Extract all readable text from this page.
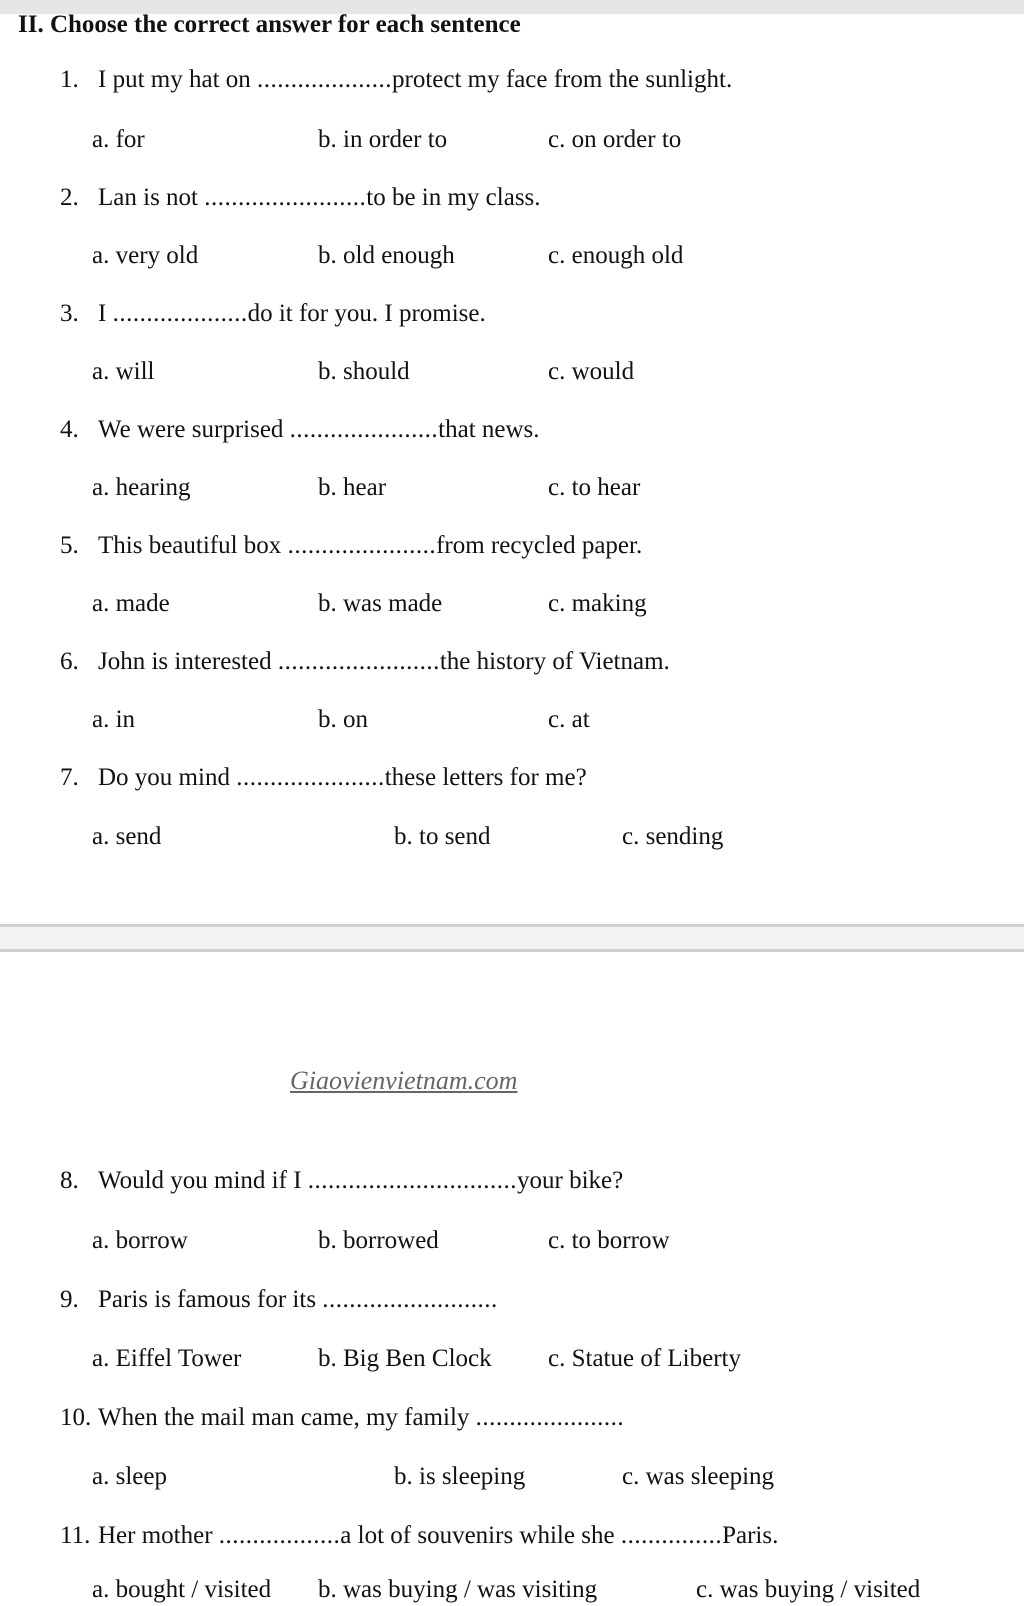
II. Choose the correct answer for each sentence

1. I put my hat on ....................protect my face from the sunlight.

a. for	b. in order to	c. on order to

2. Lan is not ........................to be in my class.

a. very old	b. old enough	c. enough old

3. I ....................do it for you. I promise.

a. will	b. should	c. would

4. We were surprised ......................that news.

a. hearing	b. hear	c. to hear

5. This beautiful box ......................from recycled paper.

a. made	b. was made	c. making

6. John is interested ........................the history of Vietnam.

a. in	b. on	c. at

7. Do you mind ......................these letters for me?

a. send	b. to send	c. sending
Giaovienvietnam.com

8. Would you mind if I ...............................your bike?

a. borrow	b. borrowed	c. to borrow

9. Paris is famous for its ..........................

a. Eiffel Tower	b. Big Ben Clock c. Statue of Liberty

10. When the mail man came, my family ......................

a. sleep	b. is sleeping	c. was sleeping

11. Her mother ..................a lot of souvenirs while she ...............Paris.

a. bought / visited b. was buying / was visiting	c. was buying / visited
